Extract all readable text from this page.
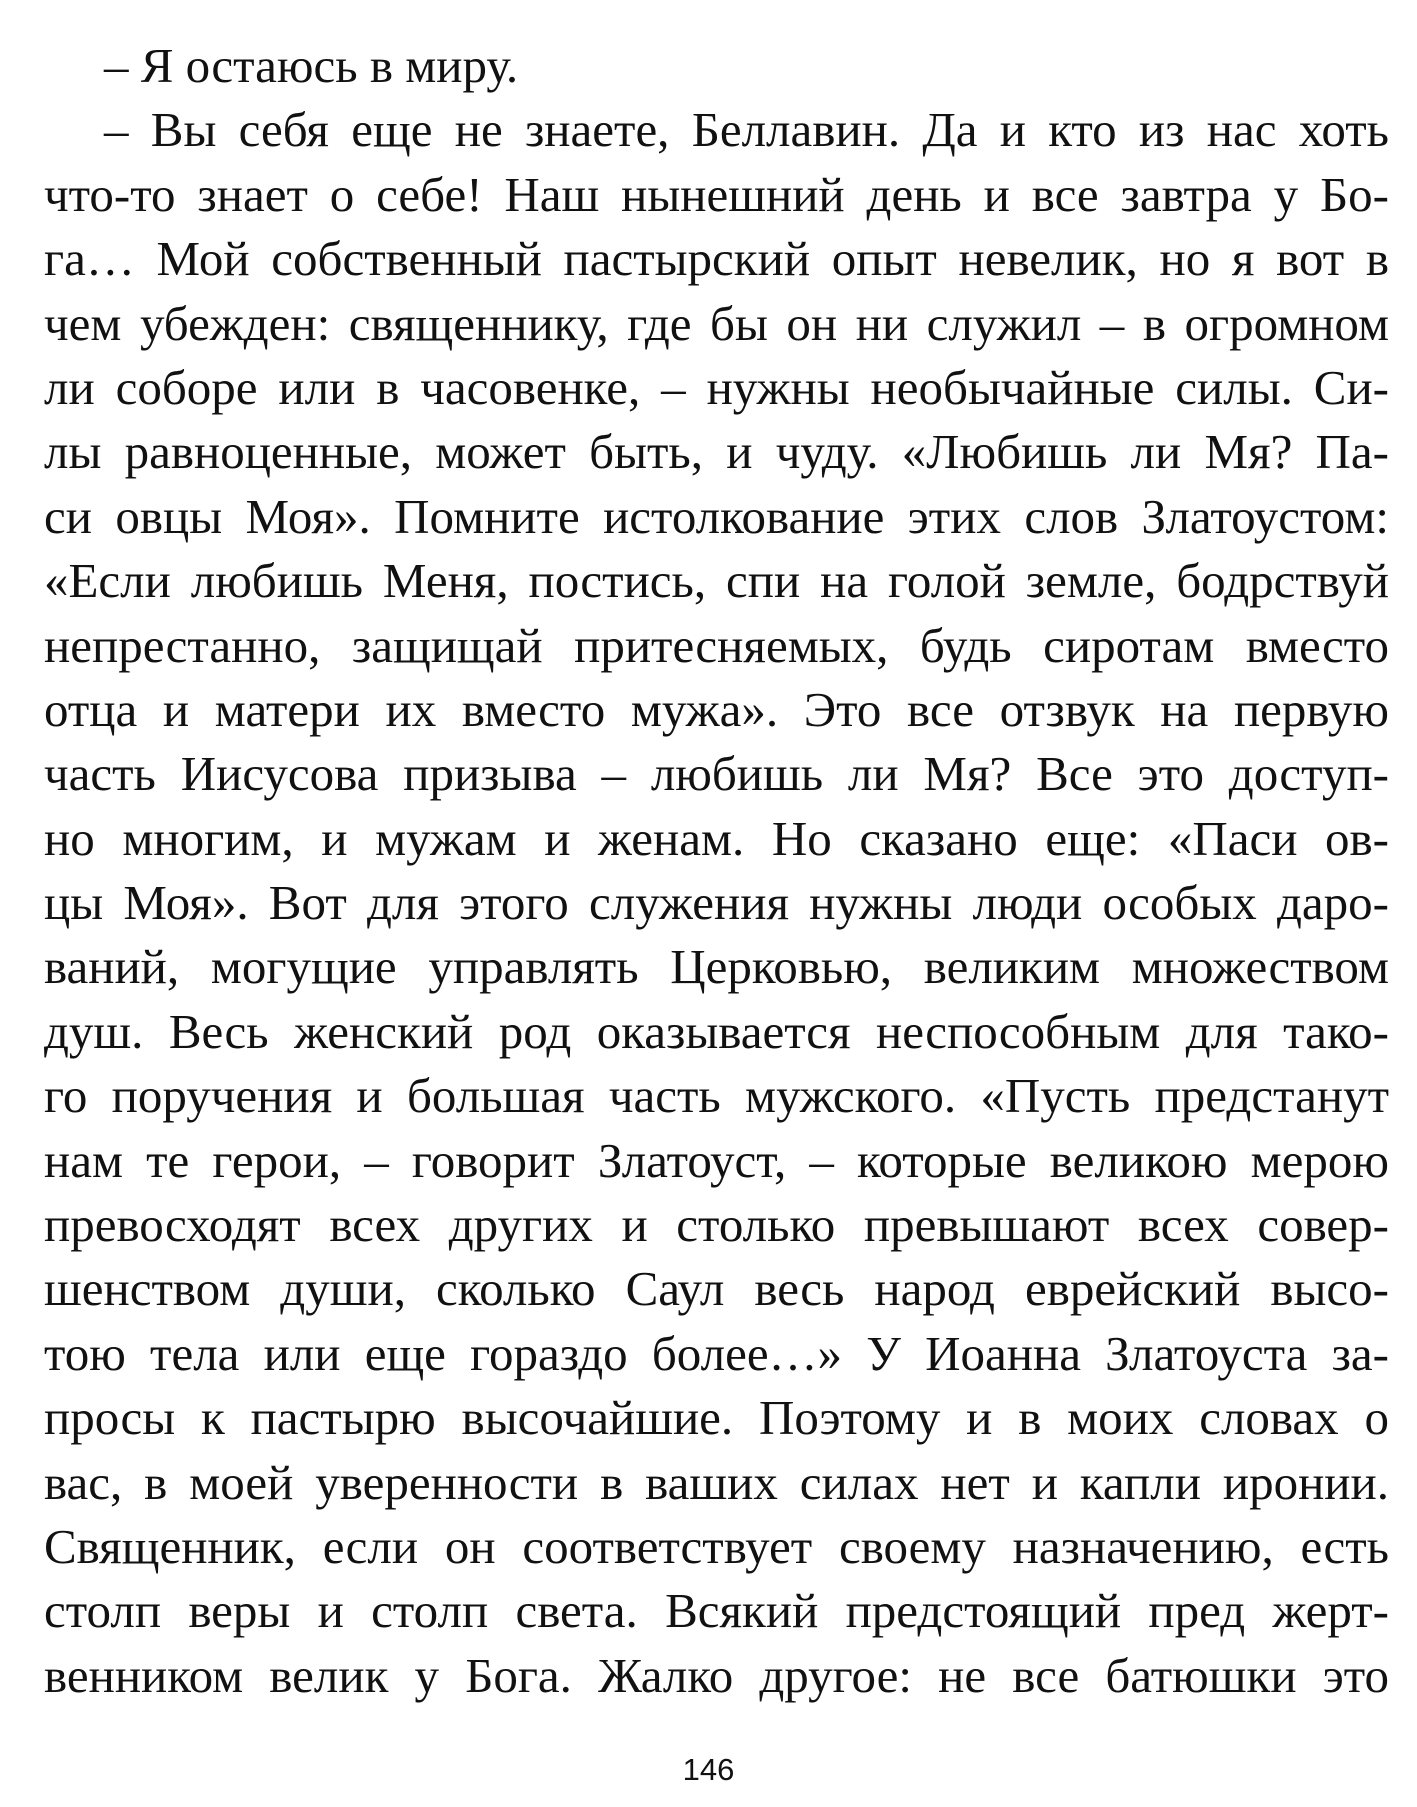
– Я остаюсь в миру.
– Вы себя еще не знаете, Беллавин. Да и кто из нас хоть
что-то знает о себе! Наш нынешний день и все завтра у Бо-
га… Мой собственный пастырский опыт невелик, но я вот в
чем убежден: священнику, где бы он ни служил – в огромном
ли соборе или в часовенке, – нужны необычайные силы. Си-
лы равноценные, может быть, и чуду. «Любишь ли Мя? Па-
си овцы Моя». Помните истолкование этих слов Златоустом:
«Если любишь Меня, постись, спи на голой земле, бодрствуй
непрестанно, защищай притесняемых, будь сиротам вместо
отца и матери их вместо мужа». Это все отзвук на первую
часть Иисусова призыва – любишь ли Мя? Все это доступ-
но многим, и мужам и женам. Но сказано еще: «Паси ов-
цы Моя». Вот для этого служения нужны люди особых даро-
ваний, могущие управлять Церковью, великим множеством
душ. Весь женский род оказывается неспособным для тако-
го поручения и большая часть мужского. «Пусть предстанут
нам те герои, – говорит Златоуст, – которые великою мерою
превосходят всех других и столько превышают всех совер-
шенством души, сколько Саул весь народ еврейский высо-
тою тела или еще гораздо более…» У Иоанна Златоуста за-
просы к пастырю высочайшие. Поэтому и в моих словах о
вас, в моей уверенности в ваших силах нет и капли иронии.
Священник, если он соответствует своему назначению, есть
столп веры и столп света. Всякий предстоящий пред жерт-
венником велик у Бога. Жалко другое: не все батюшки это
146
